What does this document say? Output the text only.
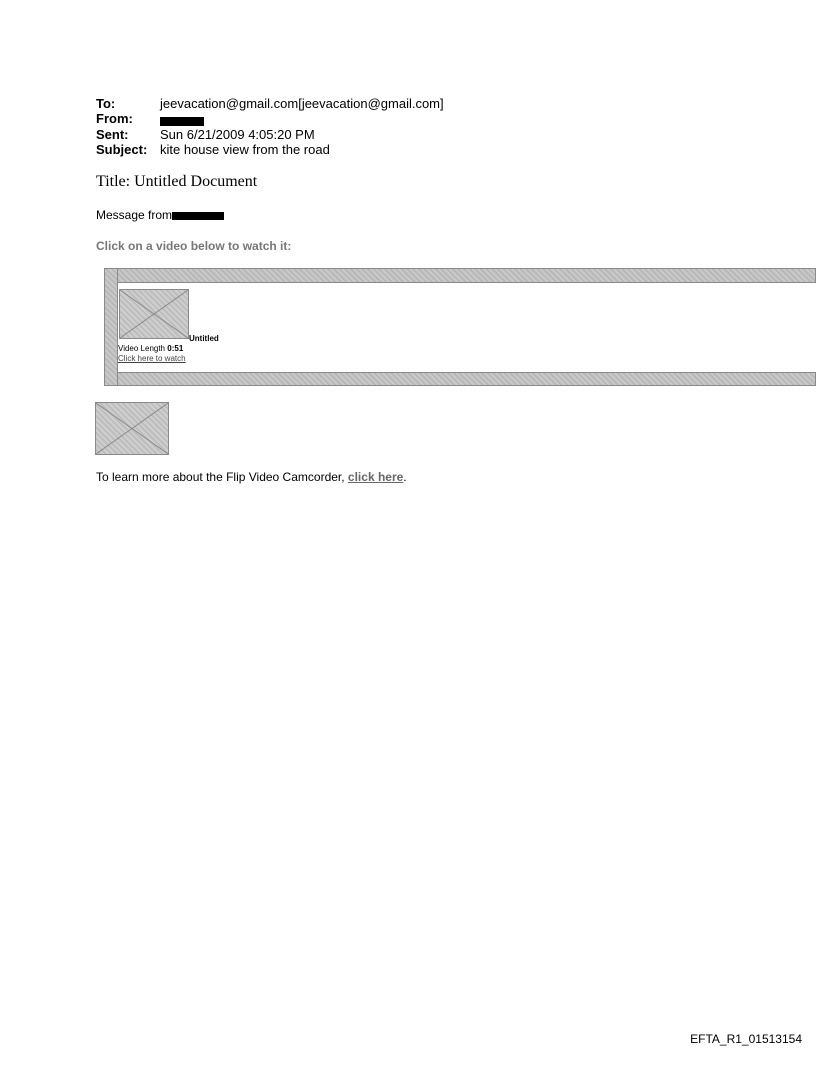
To:	jeevacation@gmail.com[jeevacation@gmail.com]
From:
Sent: Sun 6/21/2009 4:05:20 PM
Subject: kite house view from the road
Title: Untitled Document
Message from
Click on a video below to watch it:
Untitled
Video Length 0:51
Click here to watch
To learn more about the Flip Video Camcorder, click here.
EFTA_R1_01513154
